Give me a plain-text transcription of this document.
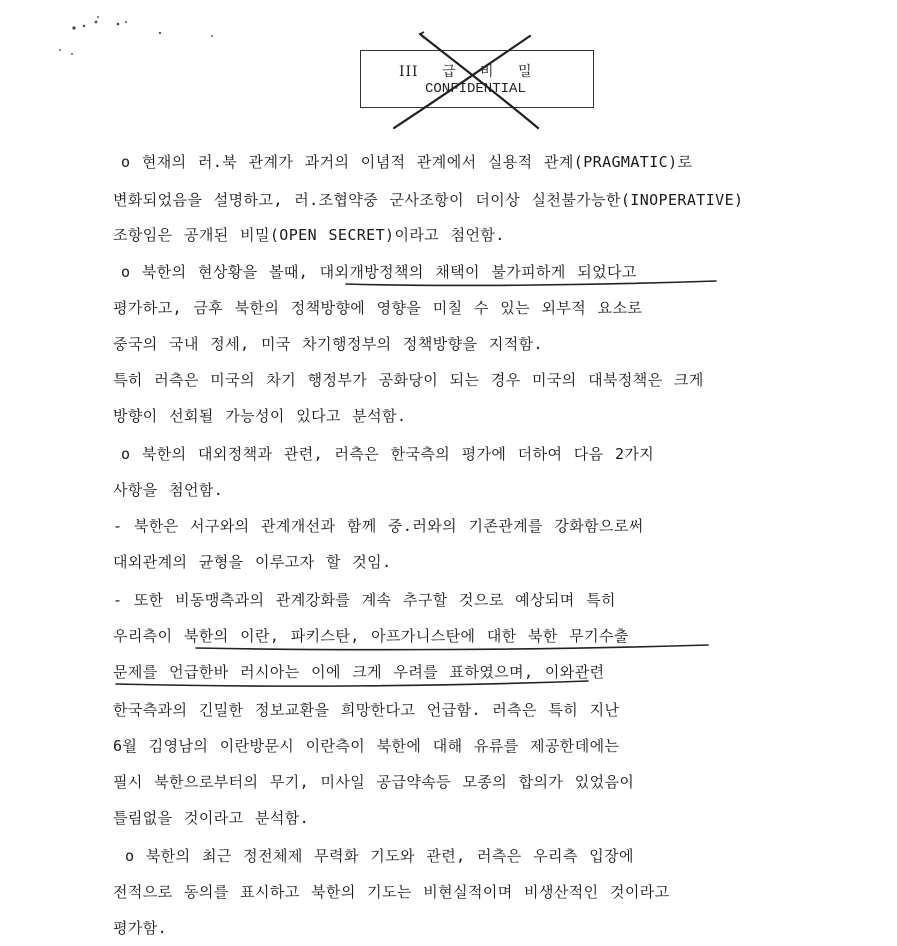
III 급 비 밀
CONFIDENTIAL
o 현재의 러.북 관계가 과거의 이념적 관계에서 실용적 관계(PRAGMATIC)로
변화되었음을 설명하고, 러.조협약중 군사조항이 더이상 실천불가능한(INOPERATIVE)
조항임은 공개된 비밀(OPEN SECRET)이라고 첨언함.
o 북한의 현상황을 볼때, 대외개방정책의 채택이 불가피하게 되었다고
평가하고, 금후 북한의 정책방향에 영향을 미칠 수 있는 외부적 요소로
중국의 국내 정세, 미국 차기행정부의 정책방향을 지적함.
특히 러측은 미국의 차기 행정부가 공화당이 되는 경우 미국의 대북정책은 크게
방향이 선회될 가능성이 있다고 분석함.
o 북한의 대외정책과 관련, 러측은 한국측의 평가에 더하여 다음 2가지
사항을 첨언함.
- 북한은 서구와의 관계개선과 함께 중.러와의 기존관계를 강화함으로써
대외관계의 균형을 이루고자 할 것임.
- 또한 비동맹측과의 관계강화를 계속 추구할 것으로 예상되며 특히
우리측이 북한의 이란, 파키스탄, 아프가니스탄에 대한 북한 무기수출
문제를 언급한바 러시아는 이에 크게 우려를 표하였으며, 이와관련
한국측과의 긴밀한 정보교환을 희망한다고 언급함. 러측은 특히 지난
6월 김영남의 이란방문시 이란측이 북한에 대해 유류를 제공한데에는
필시 북한으로부터의 무기, 미사일 공급약속등 모종의 합의가 있었음이
틀림없을 것이라고 분석함.
o 북한의 최근 정전체제 무력화 기도와 관련, 러측은 우리측 입장에
전적으로 동의를 표시하고 북한의 기도는 비현실적이며 비생산적인 것이라고
평가함.
